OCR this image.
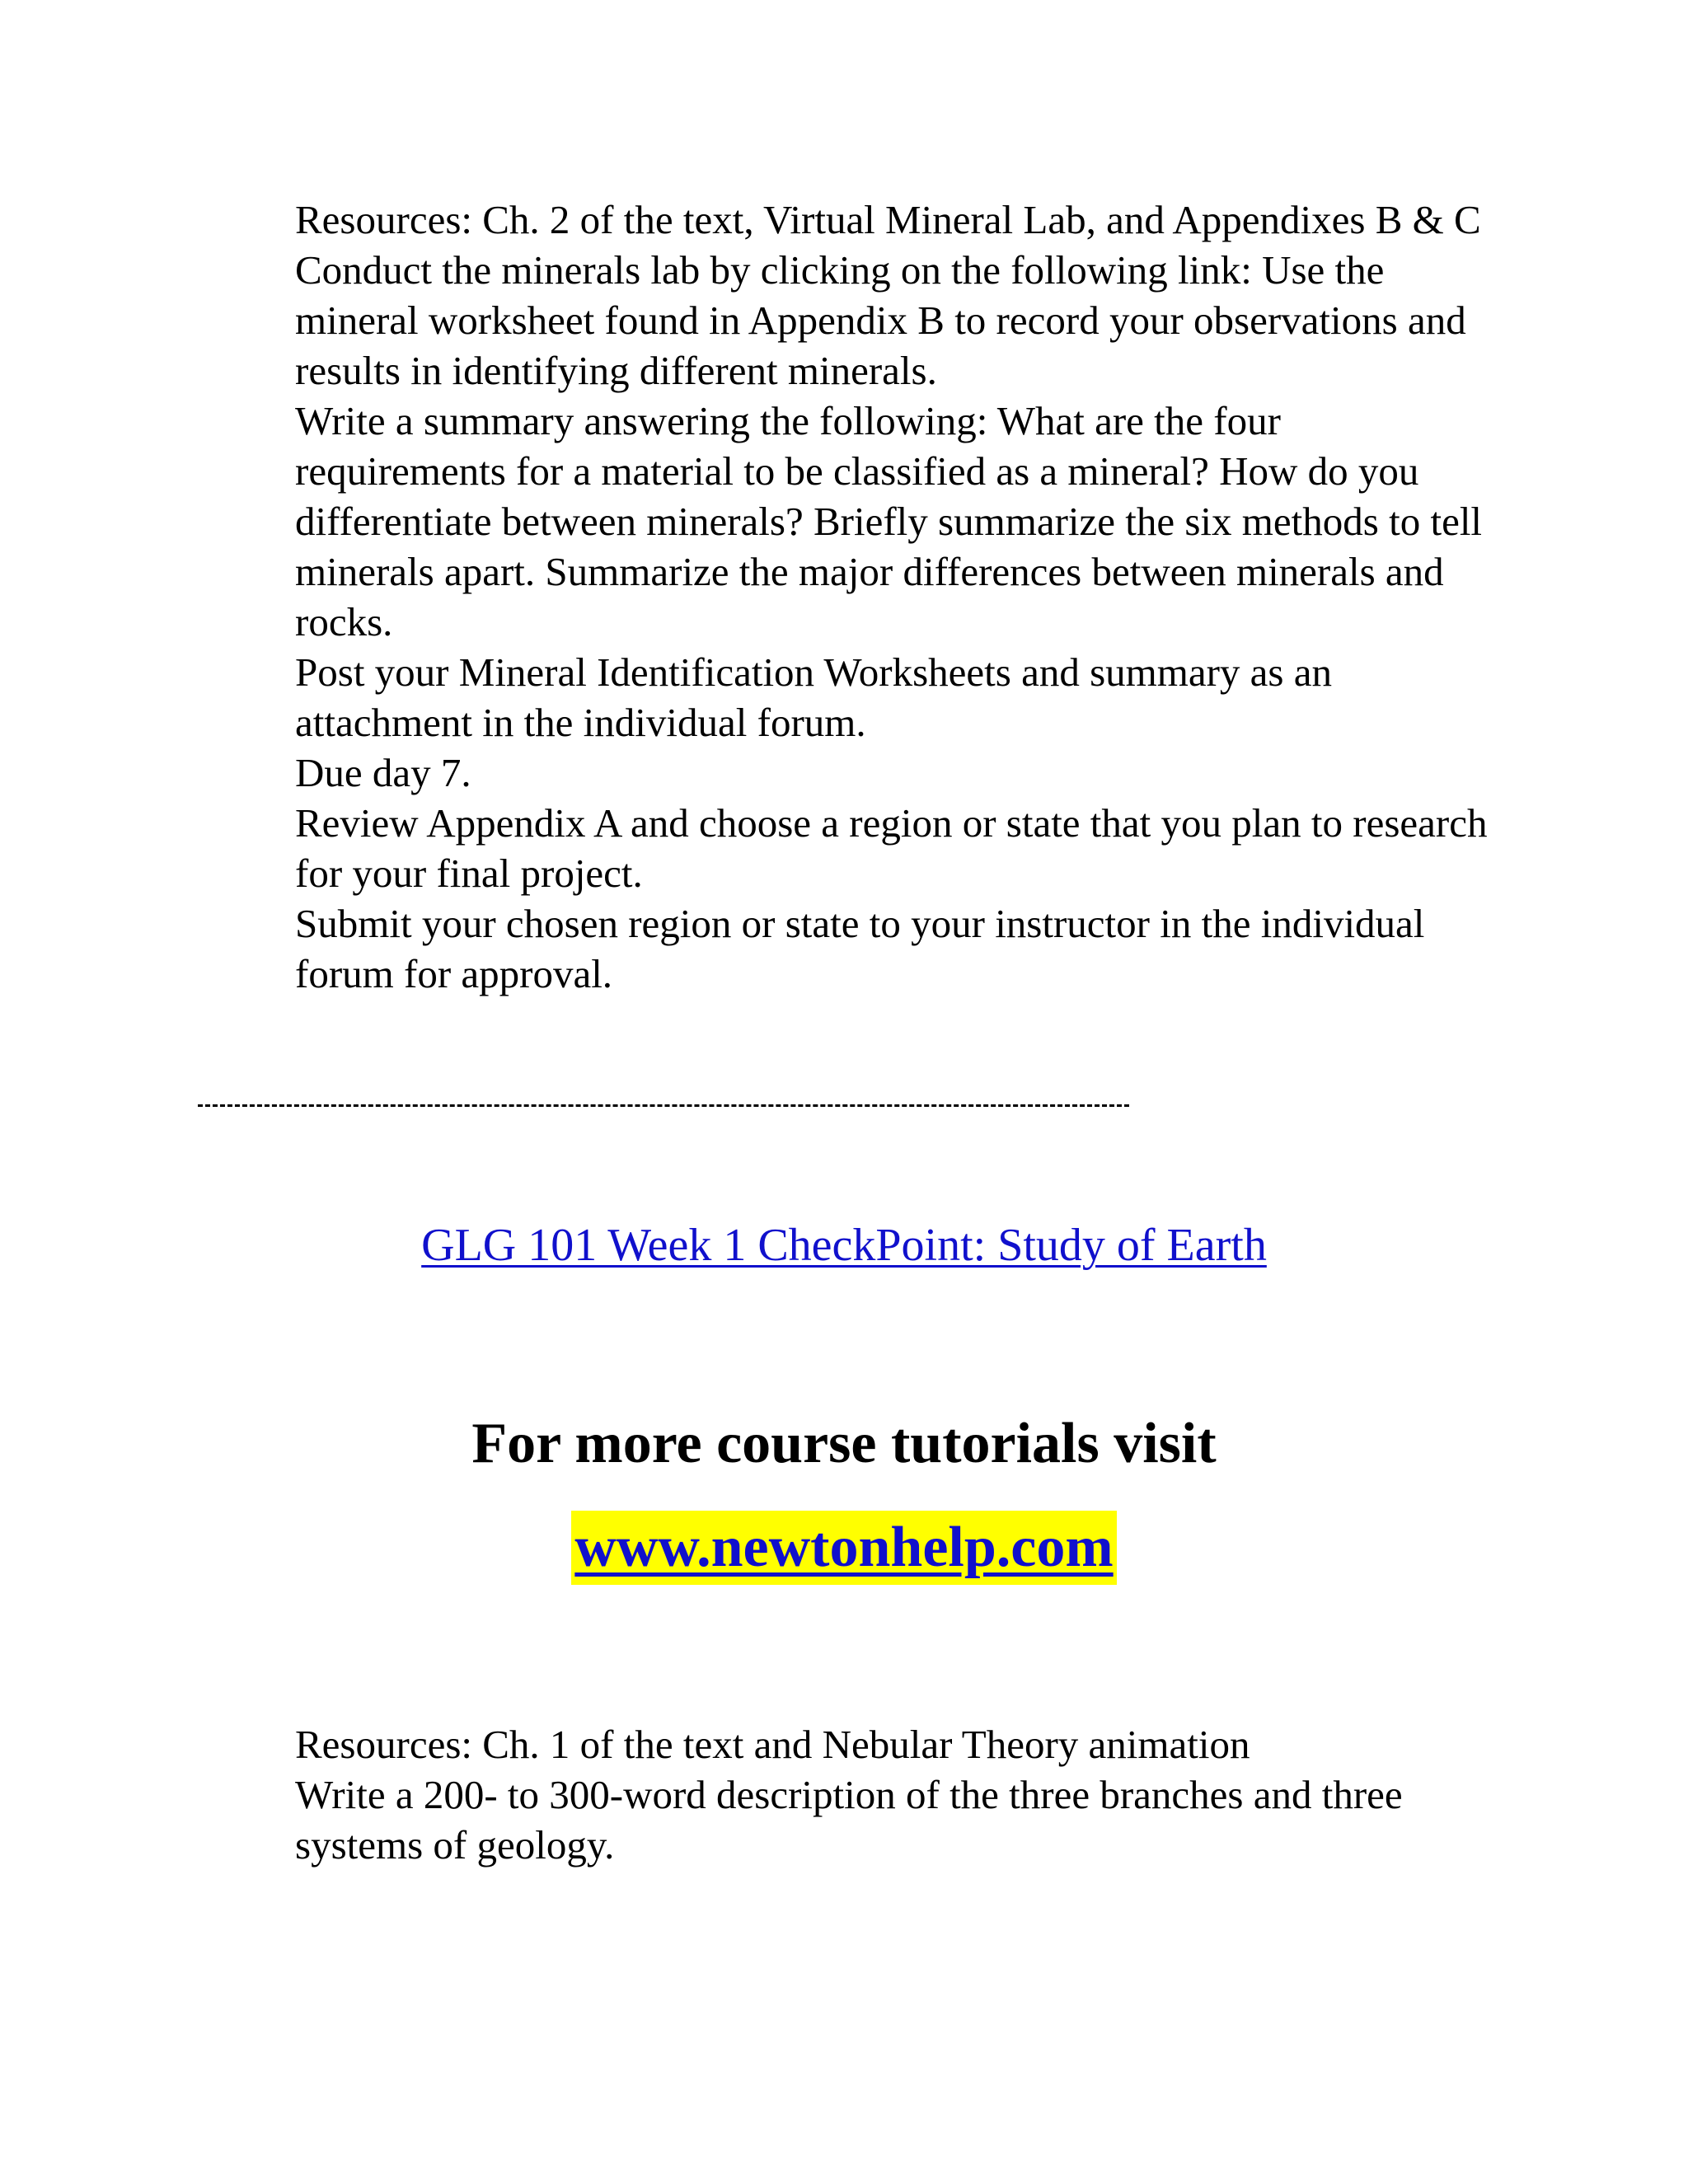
Resources: Ch. 2 of the text, Virtual Mineral Lab, and Appendixes B & C

Conduct the minerals lab by clicking on the following link: Use the mineral worksheet found in Appendix B to record your observations and results in identifying different minerals.

Write a summary answering the following: What are the four requirements for a material to be classified as a mineral? How do you differentiate between minerals? Briefly summarize the six methods to tell minerals apart. Summarize the major differences between minerals and rocks.

Post your Mineral Identification Worksheets and summary as an attachment in the individual forum.

Due day 7.

Review Appendix A and choose a region or state that you plan to research for your final project.

Submit your chosen region or state to your instructor in the individual forum for approval.

GLG 101 Week 1 CheckPoint: Study of Earth
For more course tutorials visit
www.newtonhelp.com

Resources: Ch. 1 of the text and Nebular Theory animation

Write a 200- to 300-word description of the three branches and three systems of geology.
